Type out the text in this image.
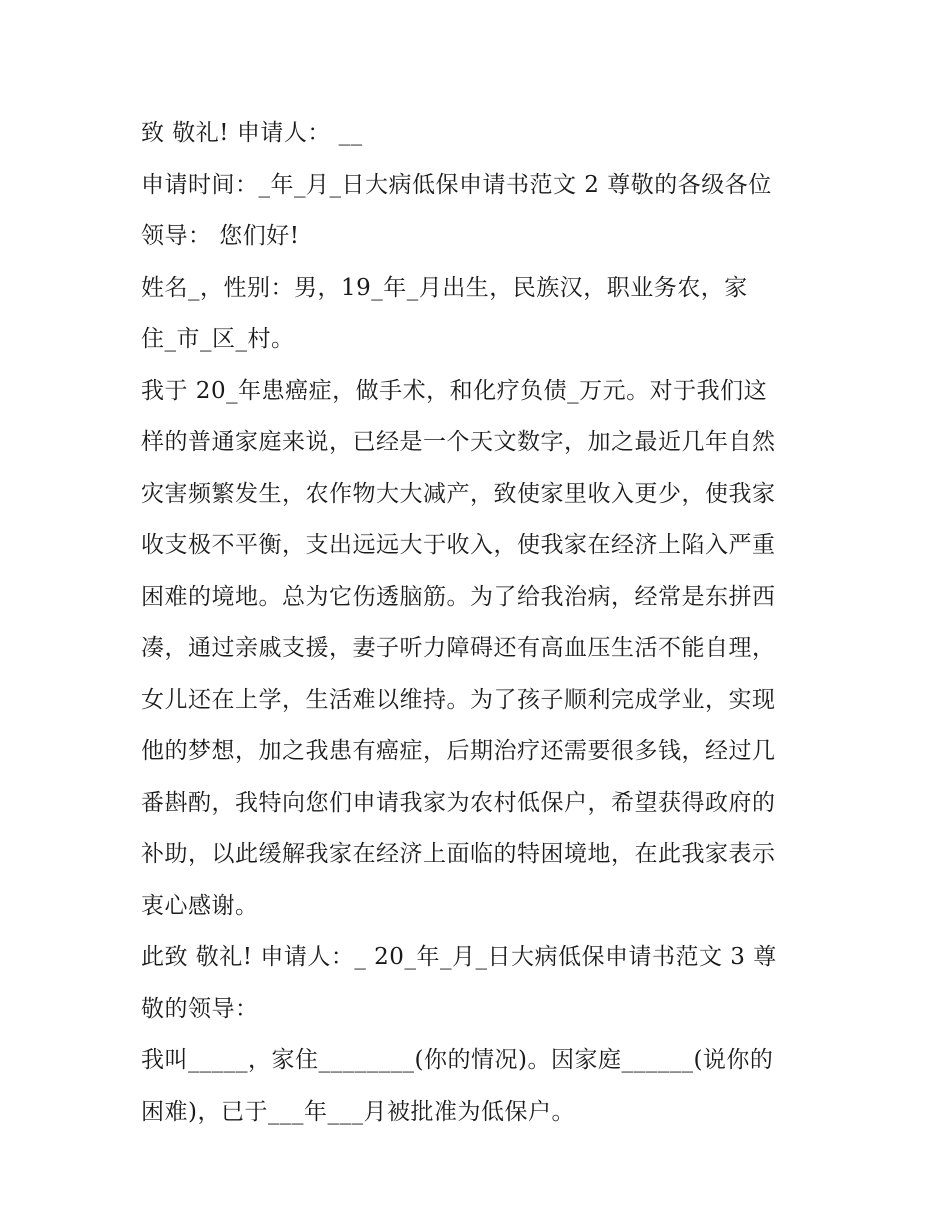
致 敬礼! 申请人： __
申请时间：_年_月_日大病低保申请书范文 2 尊敬的各级各位
领导： 您们好!
姓名_，性别：男，19_年_月出生，民族汉，职业务农，家
住_市_区_村。
我于 20_年患癌症，做手术，和化疗负债_万元。对于我们这
样的普通家庭来说，已经是一个天文数字，加之最近几年自然
灾害频繁发生，农作物大大减产，致使家里收入更少，使我家
收支极不平衡，支出远远大于收入，使我家在经济上陷入严重
困难的境地。总为它伤透脑筋。为了给我治病，经常是东拼西
凑，通过亲戚支援，妻子听力障碍还有高血压生活不能自理，
女儿还在上学，生活难以维持。为了孩子顺利完成学业，实现
他的梦想，加之我患有癌症，后期治疗还需要很多钱，经过几
番斟酌，我特向您们申请我家为农村低保户，希望获得政府的
补助，以此缓解我家在经济上面临的特困境地，在此我家表示
衷心感谢。
此致 敬礼! 申请人：_ 20_年_月_日大病低保申请书范文 3 尊
敬的领导：
我叫_____，家住________(你的情况)。因家庭______(说你的
困难)，已于___年___月被批准为低保户。
